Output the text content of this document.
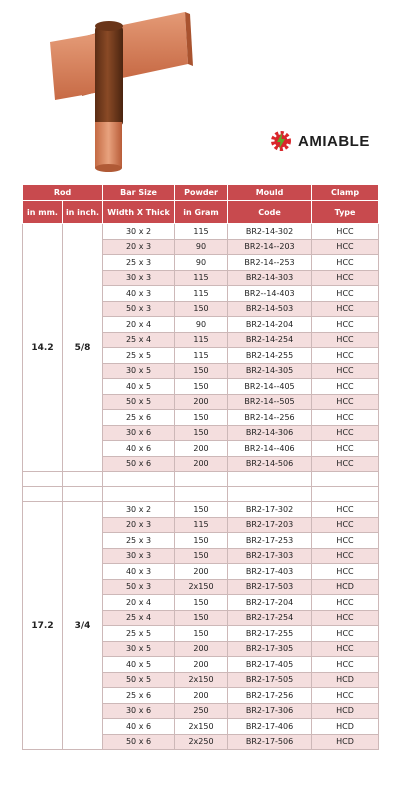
AMIABLE
Rod		Bar Size	Powder	Mould	Clamp
in mm.	in inch.	Width X Thick	in Gram	Code	Type
14.2	5/8	30 x 2	115	BR2-14-302	HCC
		20 x 3	90	BR2-14--203	HCC
		25 x 3	90	BR2-14--253	HCC
		30 x 3	115	BR2-14-303	HCC
		40 x 3	115	BR2--14-403	HCC
		50 x 3	150	BR2-14-503	HCC
		20 x 4	90	BR2-14-204	HCC
		25 x 4	115	BR2-14-254	HCC
		25 x 5	115	BR2-14-255	HCC
		30 x 5	150	BR2-14-305	HCC
		40 x 5	150	BR2-14--405	HCC
		50 x 5	200	BR2-14--505	HCC
		25 x 6	150	BR2-14--256	HCC
		30 x 6	150	BR2-14-306	HCC
		40 x 6	200	BR2-14--406	HCC
		50 x 6	200	BR2-14-506	HCC

17.2	3/4	30 x 2	150	BR2-17-302	HCC
		20 x 3	115	BR2-17-203	HCC
		25 x 3	150	BR2-17-253	HCC
		30 x 3	150	BR2-17-303	HCC
		40 x 3	200	BR2-17-403	HCC
		50 x 3	2x150	BR2-17-503	HCD
		20 x 4	150	BR2-17-204	HCC
		25 x 4	150	BR2-17-254	HCC
		25 x 5	150	BR2-17-255	HCC
		30 x 5	200	BR2-17-305	HCC
		40 x 5	200	BR2-17-405	HCC
		50 x 5	2x150	BR2-17-505	HCD
		25 x 6	200	BR2-17-256	HCC
		30 x 6	250	BR2-17-306	HCD
		40 x 6	2x150	BR2-17-406	HCD
		50 x 6	2x250	BR2-17-506	HCD
